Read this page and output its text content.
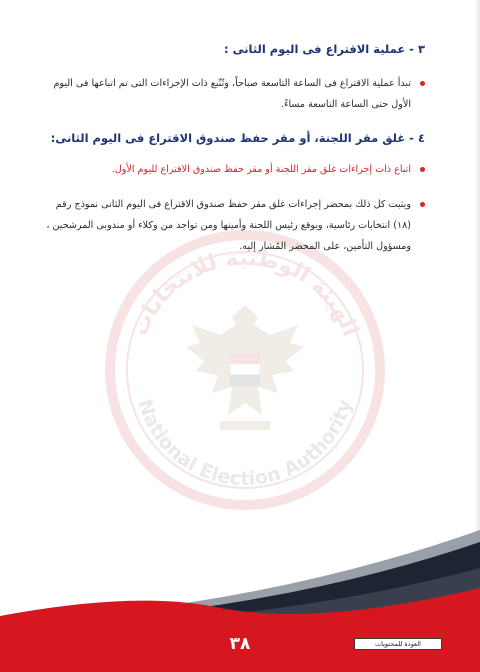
الهيئة الوطنية للانتخابات
National Election Authority
٣ - عملية الاقتراع فى اليوم الثانى :

تبدأ عملية الاقتراع فى الساعة التاسعة صباحاً، وتُتّبع ذات الإجراءات التى تم اتباعها فى اليوم الأول حتى الساعة التاسعة مساءً.

٤ - غلق مقر اللجنة، أو مقر حفظ صندوق الاقتراع فى اليوم الثانى:

اتباع ذات إجراءات غلق مقر اللجنة أو مقر حفظ صندوق الاقتراع لليوم الأول.

ويثبت كل ذلك بمحضر إجراءات غلق مقر حفظ صندوق الاقتراع فى اليوم الثانى نموذج رقم (١٨) انتخابات رئاسية، ويوقع رئيس اللجنة وأمينها ومن تواجد من وكلاء أو مندوبى المرشحين ، ومسؤول التأمين، على المحضر المُشار إليه.

٣٨	العودة للمحتويات
